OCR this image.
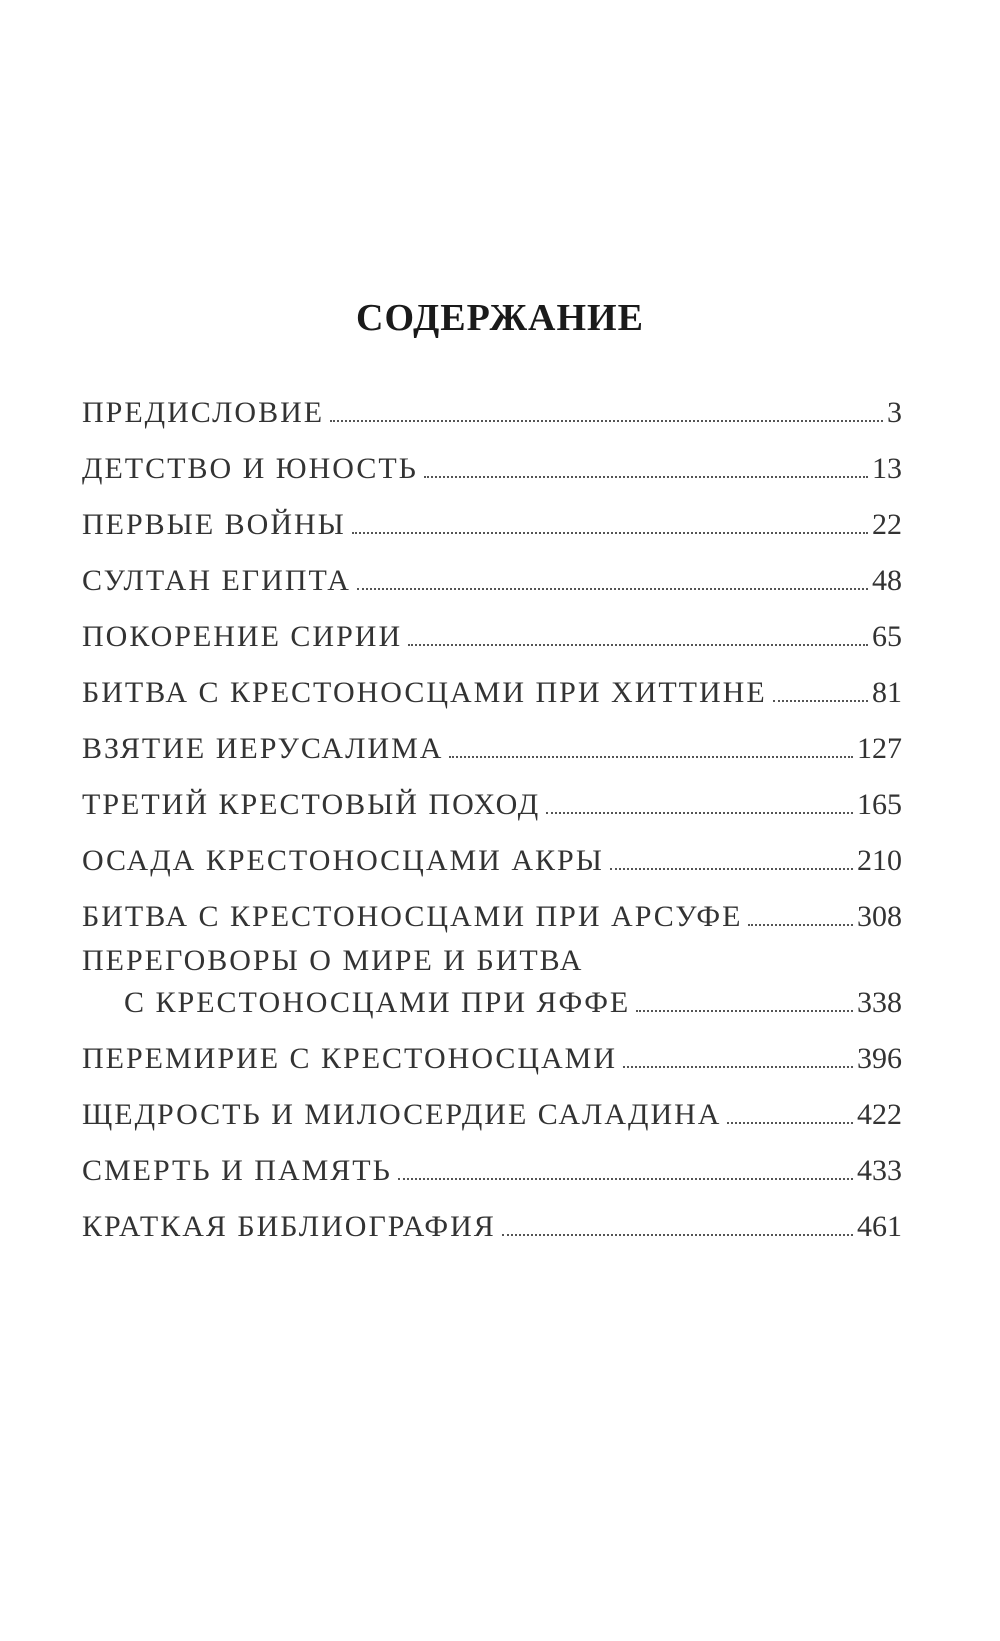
СОДЕРЖАНИЕ
ПРЕДИСЛОВИЕ	3
ДЕТСТВО И ЮНОСТЬ	13
ПЕРВЫЕ ВОЙНЫ	22
СУЛТАН ЕГИПТА	48
ПОКОРЕНИЕ СИРИИ	65
БИТВА С КРЕСТОНОСЦАМИ ПРИ ХИТТИНЕ	81
ВЗЯТИЕ ИЕРУСАЛИМА	127
ТРЕТИЙ КРЕСТОВЫЙ ПОХОД	165
ОСАДА КРЕСТОНОСЦАМИ АКРЫ	210
БИТВА С КРЕСТОНОСЦАМИ ПРИ АРСУФЕ	308
ПЕРЕГОВОРЫ О МИРЕ И БИТВА
С КРЕСТОНОСЦАМИ ПРИ ЯФФЕ	338
ПЕРЕМИРИЕ С КРЕСТОНОСЦАМИ	396
ЩЕДРОСТЬ И МИЛОСЕРДИЕ САЛАДИНА	422
СМЕРТЬ И ПАМЯТЬ	433
КРАТКАЯ БИБЛИОГРАФИЯ	461
